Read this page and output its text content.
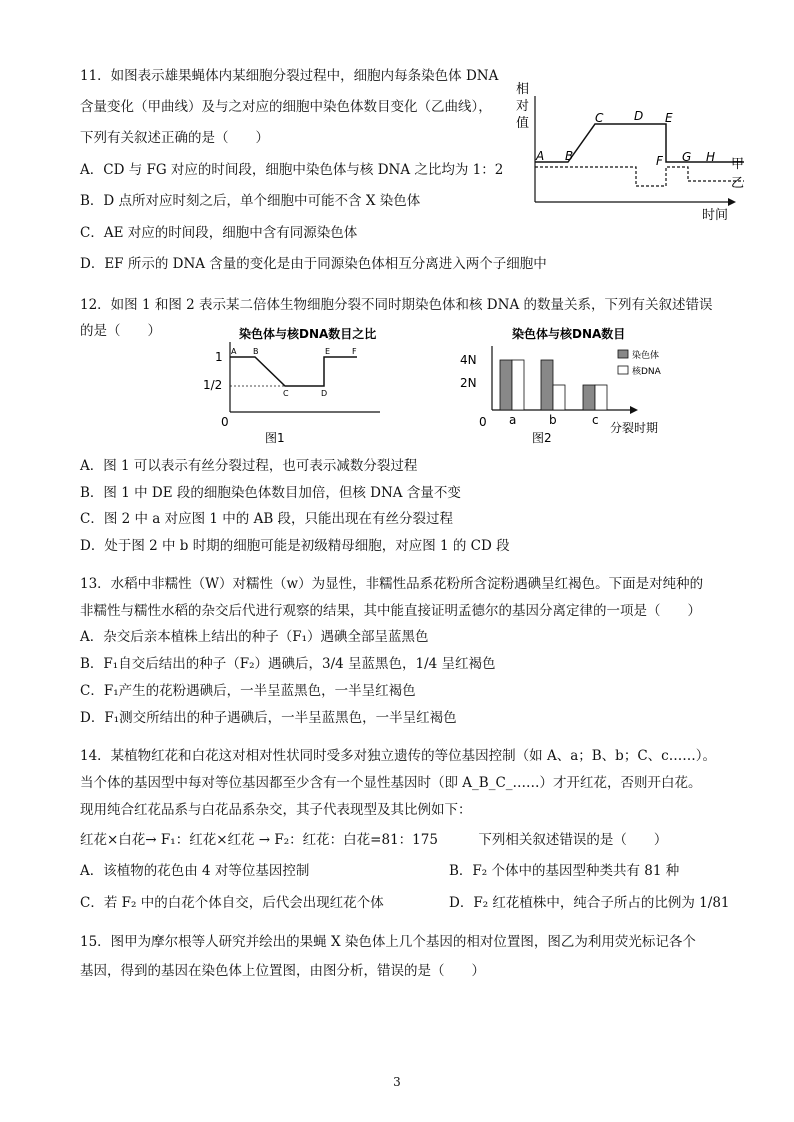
11．如图表示雄果蝇体内某细胞分裂过程中，细胞内每条染色体 DNA
含量变化（甲曲线）及与之对应的细胞中染色体数目变化（乙曲线），
下列有关叙述正确的是（　　）
A．CD 与 FG 对应的时间段，细胞中染色体与核 DNA 之比均为 1：2
B．D 点所对应时刻之后，单个细胞中可能不含 X 染色体
C．AE 对应的时间段，细胞中含有同源染色体
D．EF 所示的 DNA 含量的变化是由于同源染色体相互分离进入两个子细胞中
相
对
值
A B
C	D E
F G H 甲
乙
时间
12．如图 1 和图 2 表示某二倍体生物细胞分裂不同时期染色体和核 DNA 的数量关系，下列有关叙述错误
的是（　　）	染色体与核DNA数目之比
1
1/2
0
A B
C	D
E	F
图1
染色体与核DNA数目
4N
2N
0 a	b	c
分裂时期
染色体
核DNA
图2
A．图 1 可以表示有丝分裂过程，也可表示减数分裂过程
B．图 1 中 DE 段的细胞染色体数目加倍，但核 DNA 含量不变
C．图 2 中 a 对应图 1 中的 AB 段，只能出现在有丝分裂过程
D．处于图 2 中 b 时期的细胞可能是初级精母细胞，对应图 1 的 CD 段
13．水稻中非糯性（W）对糯性（w）为显性，非糯性品系花粉所含淀粉遇碘呈红褐色。下面是对纯种的
非糯性与糯性水稻的杂交后代进行观察的结果，其中能直接证明孟德尔的基因分离定律的一项是（　　）
A．杂交后亲本植株上结出的种子（F₁）遇碘全部呈蓝黑色
B．F₁自交后结出的种子（F₂）遇碘后，3/4 呈蓝黑色，1/4 呈红褐色
C．F₁产生的花粉遇碘后，一半呈蓝黑色，一半呈红褐色
D．F₁测交所结出的种子遇碘后，一半呈蓝黑色，一半呈红褐色
14．某植物红花和白花这对相对性状同时受多对独立遗传的等位基因控制（如 A、a；B、b；C、c……）。
当个体的基因型中每对等位基因都至少含有一个显性基因时（即 A_B_C_……）才开红花，否则开白花。
现用纯合红花品系与白花品系杂交，其子代表现型及其比例如下：
红花×白花→ F₁：红花×红花 → F₂：红花：白花=81：175　　　下列相关叙述错误的是（　　）
A．该植物的花色由 4 对等位基因控制	B．F₂ 个体中的基因型种类共有 81 种
C．若 F₂ 中的白花个体自交，后代会出现红花个体	D．F₂ 红花植株中，纯合子所占的比例为 1/81
15．图甲为摩尔根等人研究并绘出的果蝇 X 染色体上几个基因的相对位置图，图乙为利用荧光标记各个
基因，得到的基因在染色体上位置图，由图分析，错误的是（　　）
3
